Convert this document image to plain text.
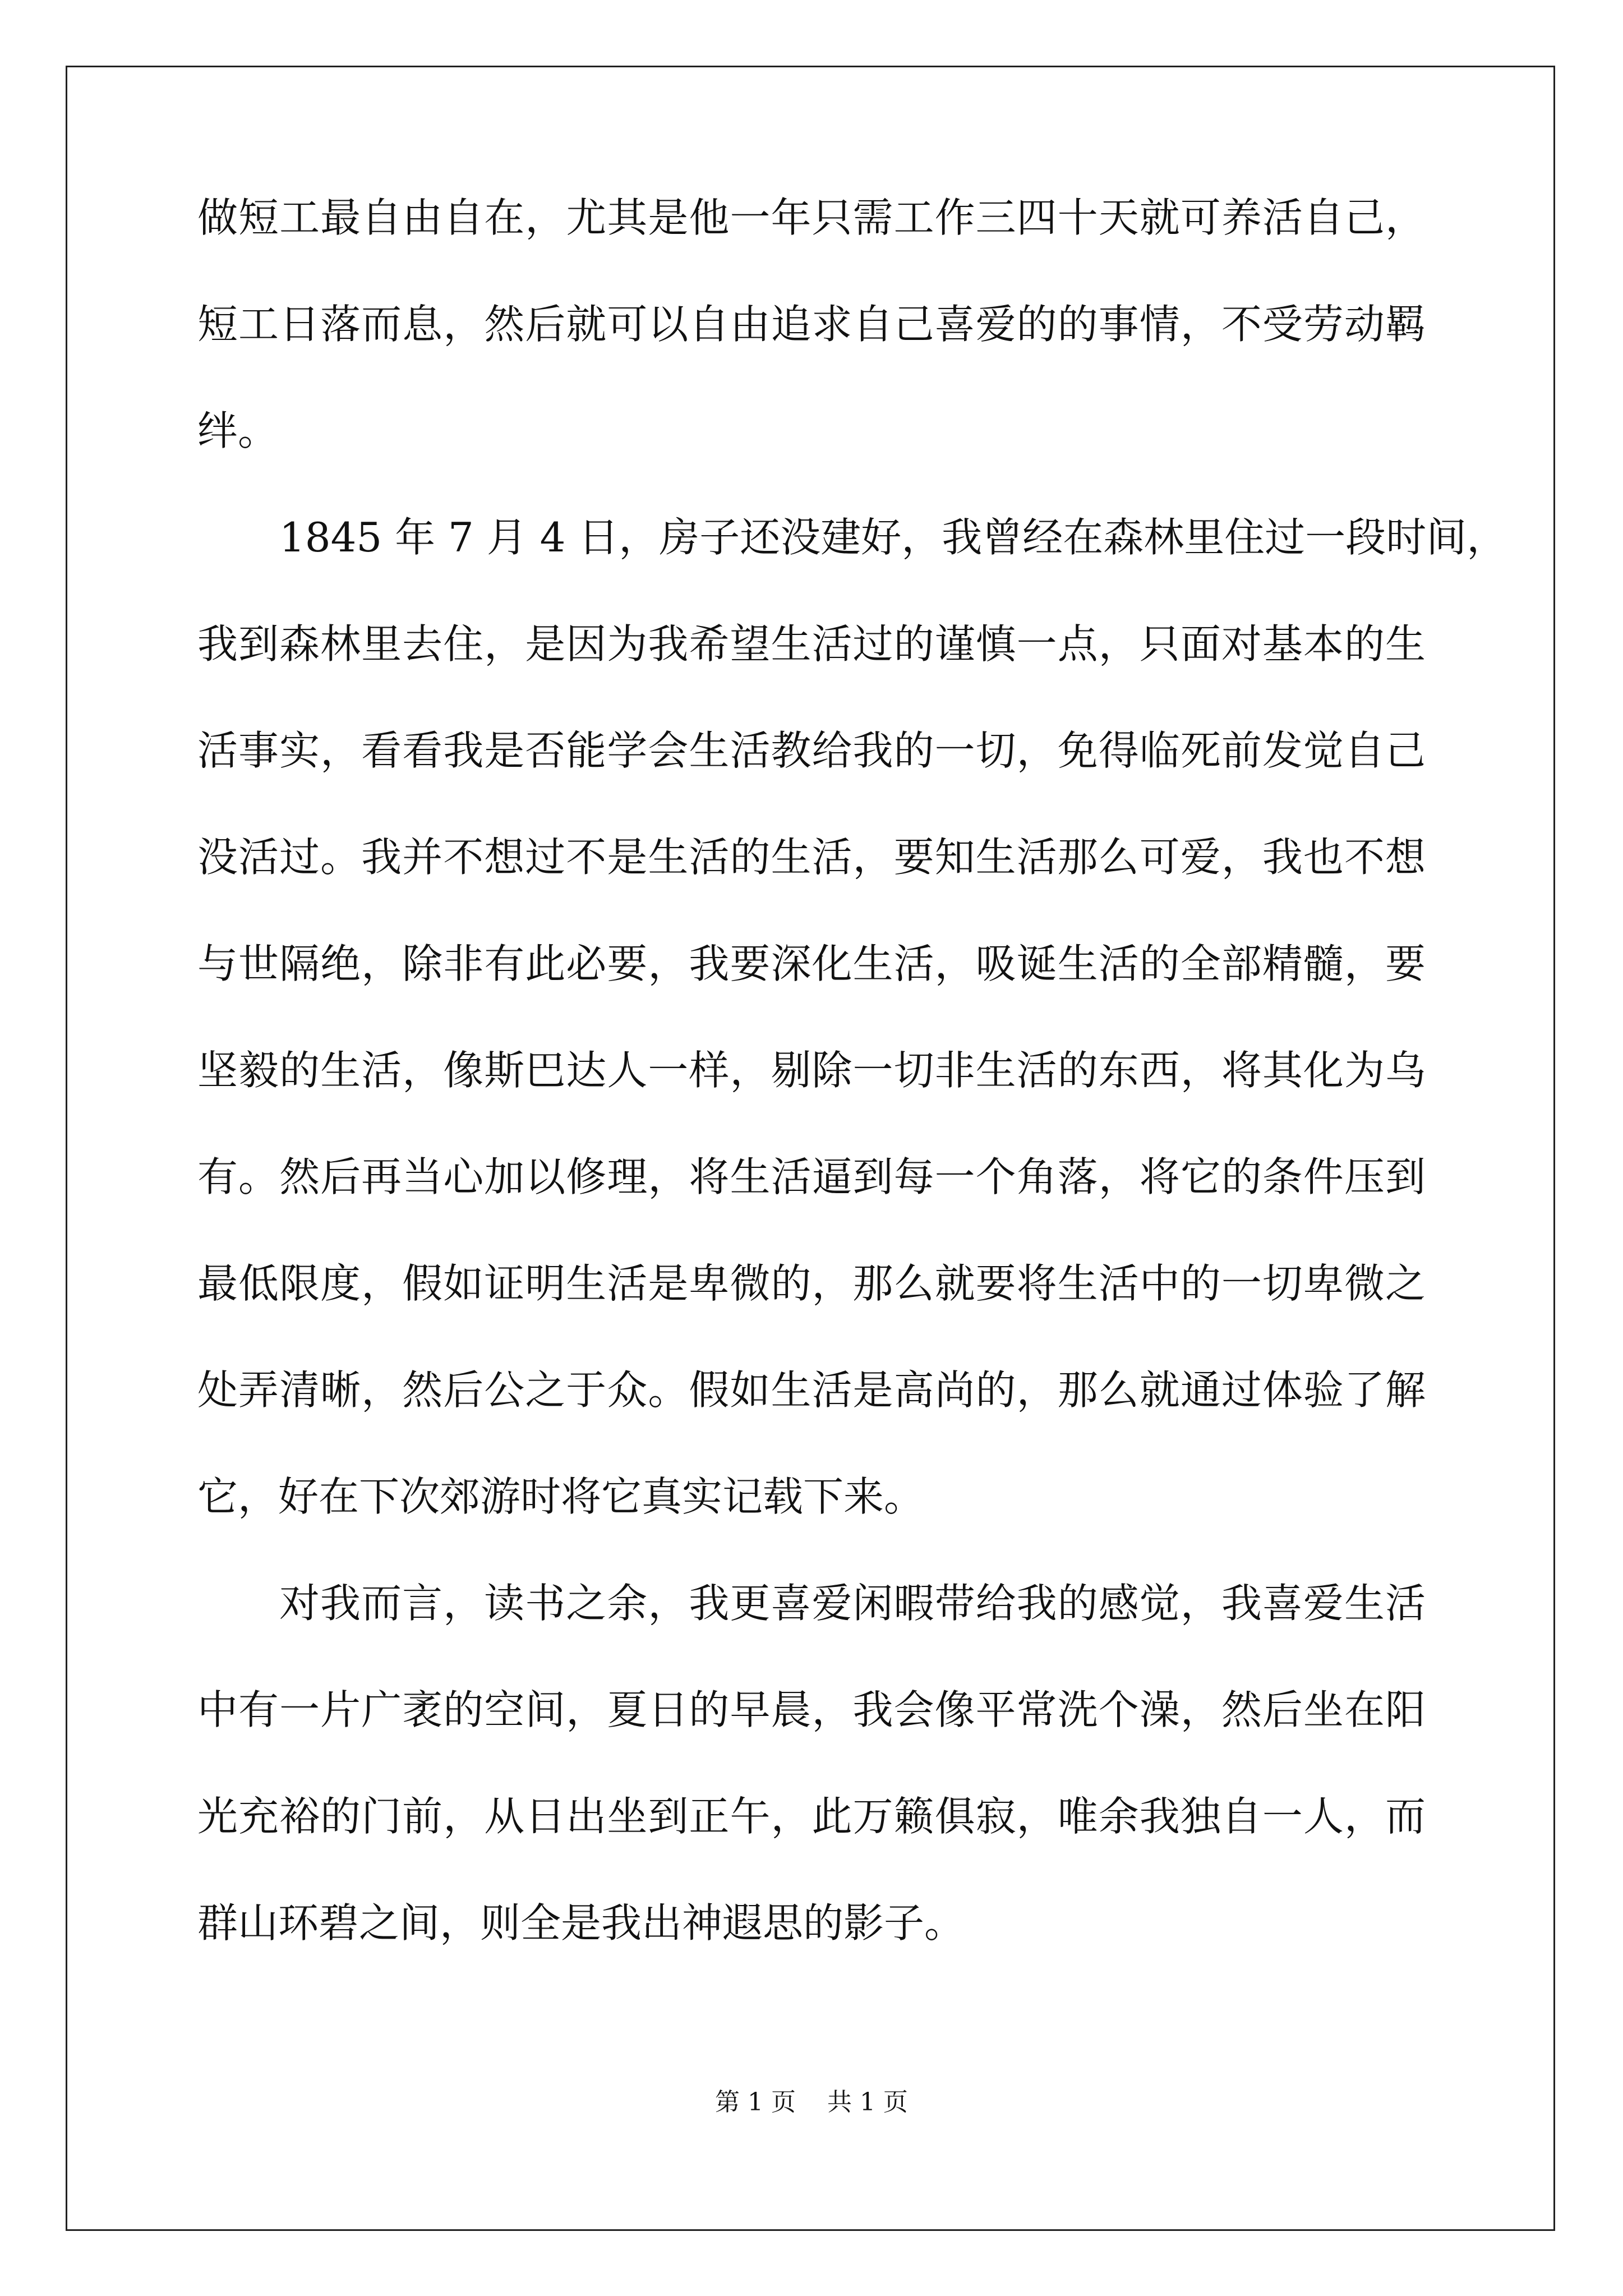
做短工最自由自在，尤其是他一年只需工作三四十天就可养活自己，
短工日落而息，然后就可以自由追求自己喜爱的的事情，不受劳动羁
绊。
1845 年 7 月 4 日，房子还没建好，我曾经在森林里住过一段时间，
我到森林里去住，是因为我希望生活过的谨慎一点，只面对基本的生
活事实，看看我是否能学会生活教给我的一切，免得临死前发觉自己
没活过。我并不想过不是生活的生活，要知生活那么可爱，我也不想
与世隔绝，除非有此必要，我要深化生活，吸诞生活的全部精髓，要
坚毅的生活，像斯巴达人一样，剔除一切非生活的东西，将其化为乌
有。然后再当心加以修理，将生活逼到每一个角落，将它的条件压到
最低限度，假如证明生活是卑微的，那么就要将生活中的一切卑微之
处弄清晰，然后公之于众。假如生活是高尚的，那么就通过体验了解
它，好在下次郊游时将它真实记载下来。
对我而言，读书之余，我更喜爱闲暇带给我的感觉，我喜爱生活
中有一片广袤的空间，夏日的早晨，我会像平常洗个澡，然后坐在阳
光充裕的门前，从日出坐到正午，此万籁俱寂，唯余我独自一人，而
群山环碧之间，则全是我出神遐思的影子。
第 1 页    共 1 页
